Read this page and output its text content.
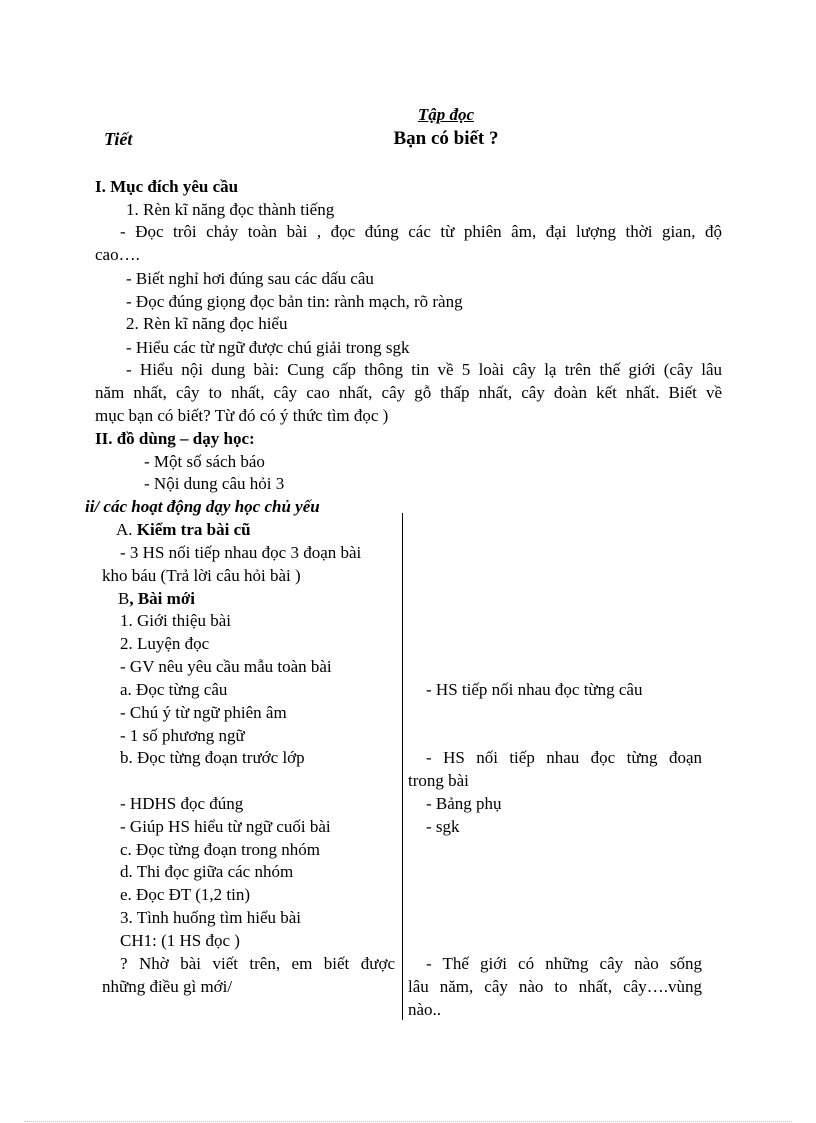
Tập đọc
Tiết	Bạn có biết ?
I. Mục đích yêu cầu
1. Rèn kĩ năng đọc thành tiếng
- Đọc trôi chảy toàn bài , đọc đúng các từ phiên âm, đại lượng thời gian, độ
cao….
- Biết nghỉ hơi đúng sau các dấu câu
- Đọc đúng giọng đọc bản tin: rành mạch, rõ ràng
2. Rèn kĩ năng đọc hiểu
- Hiểu các từ ngữ được chú giải trong sgk
- Hiểu nội dung bài: Cung cấp thông tin về 5 loài cây lạ trên thế giới (cây lâu
năm nhất, cây to nhất, cây cao nhất, cây gỗ thấp nhất, cây đoàn kết nhất. Biết về
mục bạn có biết? Từ đó có ý thức tìm đọc )
II. đồ dùng – dạy học:
- Một số sách báo
- Nội dung câu hỏi 3
ii/ các hoạt động dạy học chủ yếu
A. Kiểm tra bài cũ
- 3 HS nối tiếp nhau đọc 3 đoạn bài
kho báu (Trả lời câu hỏi bài )
B, Bài mới
1. Giới thiệu bài
2. Luyện đọc
- GV nêu yêu cầu mẫu toàn bài
a. Đọc từng câu
- Chú ý từ ngữ phiên âm
- 1 số phương ngữ
b. Đọc từng đoạn trước lớp
- HDHS đọc đúng
- Giúp HS hiểu từ ngữ cuối bài
c. Đọc từng đoạn trong nhóm
d. Thi đọc giữa các nhóm
e. Đọc ĐT (1,2 tin)
3. Tình huống tìm hiểu bài
CH1: (1 HS đọc )
? Nhờ bài viết trên, em biết được
những điều gì mới/
- HS tiếp nối nhau đọc từng câu
- HS nối tiếp nhau đọc từng đoạn
trong bài
- Bảng phụ
- sgk
- Thế giới có những cây nào sống
lâu năm, cây nào to nhất, cây….vùng
nào..
